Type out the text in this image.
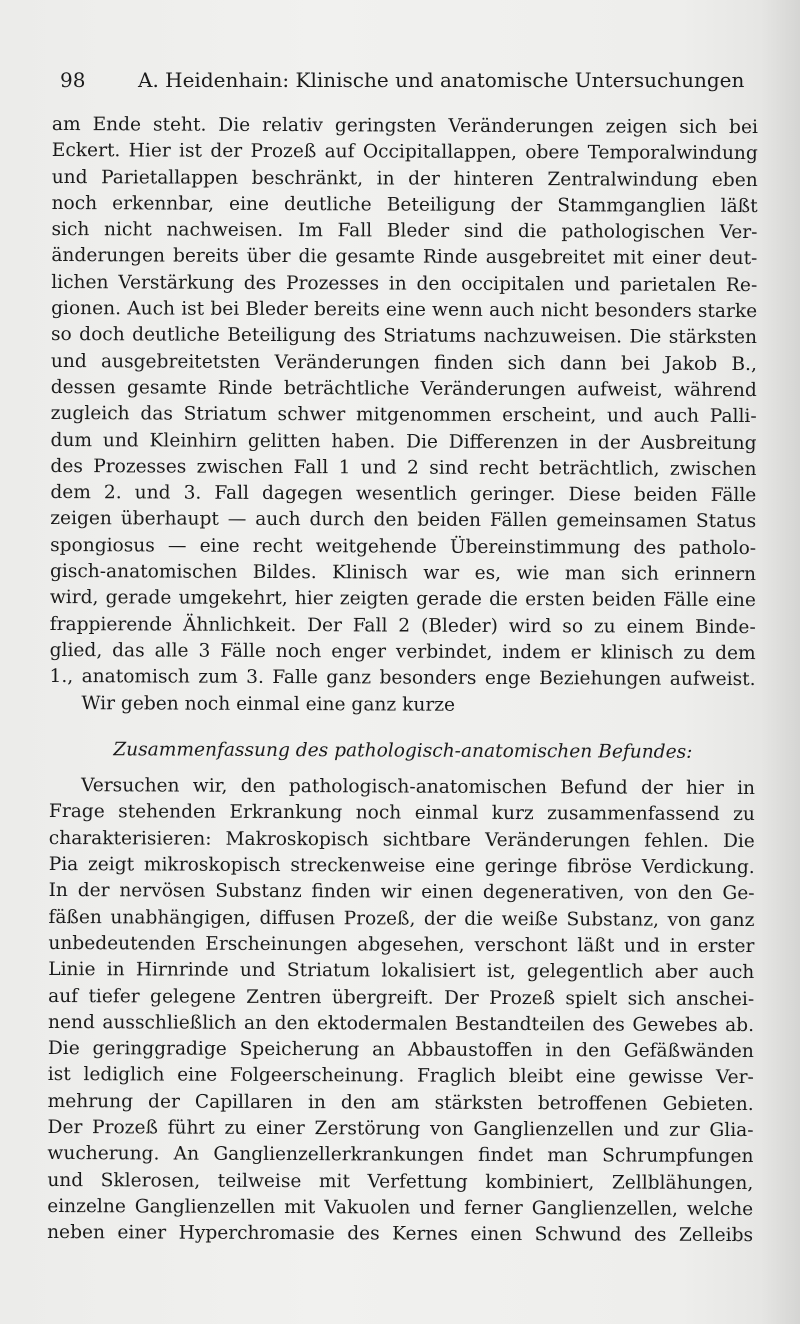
98	A. Heidenhain: Klinische und anatomische Untersuchungen
am Ende steht. Die relativ geringsten Veränderungen zeigen sich bei
Eckert. Hier ist der Prozeß auf Occipitallappen, obere Temporalwindung
und Parietallappen beschränkt, in der hinteren Zentralwindung eben
noch erkennbar, eine deutliche Beteiligung der Stammganglien läßt
sich nicht nachweisen. Im Fall Bleder sind die pathologischen Ver-
änderungen bereits über die gesamte Rinde ausgebreitet mit einer deut-
lichen Verstärkung des Prozesses in den occipitalen und parietalen Re-
gionen. Auch ist bei Bleder bereits eine wenn auch nicht besonders starke
so doch deutliche Beteiligung des Striatums nachzuweisen. Die stärksten
und ausgebreitetsten Veränderungen finden sich dann bei Jakob B.,
dessen gesamte Rinde beträchtliche Veränderungen aufweist, während
zugleich das Striatum schwer mitgenommen erscheint, und auch Palli-
dum und Kleinhirn gelitten haben. Die Differenzen in der Ausbreitung
des Prozesses zwischen Fall 1 und 2 sind recht beträchtlich, zwischen
dem 2. und 3. Fall dagegen wesentlich geringer. Diese beiden Fälle
zeigen überhaupt — auch durch den beiden Fällen gemeinsamen Status
spongiosus — eine recht weitgehende Übereinstimmung des patholo-
gisch-anatomischen Bildes. Klinisch war es, wie man sich erinnern
wird, gerade umgekehrt, hier zeigten gerade die ersten beiden Fälle eine
frappierende Ähnlichkeit. Der Fall 2 (Bleder) wird so zu einem Binde-
glied, das alle 3 Fälle noch enger verbindet, indem er klinisch zu dem
1., anatomisch zum 3. Falle ganz besonders enge Beziehungen aufweist.
Wir geben noch einmal eine ganz kurze
Zusammenfassung des pathologisch-anatomischen Befundes:
Versuchen wir, den pathologisch-anatomischen Befund der hier in
Frage stehenden Erkrankung noch einmal kurz zusammenfassend zu
charakterisieren: Makroskopisch sichtbare Veränderungen fehlen. Die
Pia zeigt mikroskopisch streckenweise eine geringe fibröse Verdickung.
In der nervösen Substanz finden wir einen degenerativen, von den Ge-
fäßen unabhängigen, diffusen Prozeß, der die weiße Substanz, von ganz
unbedeutenden Erscheinungen abgesehen, verschont läßt und in erster
Linie in Hirnrinde und Striatum lokalisiert ist, gelegentlich aber auch
auf tiefer gelegene Zentren übergreift. Der Prozeß spielt sich anschei-
nend ausschließlich an den ektodermalen Bestandteilen des Gewebes ab.
Die geringgradige Speicherung an Abbaustoffen in den Gefäßwänden
ist lediglich eine Folgeerscheinung. Fraglich bleibt eine gewisse Ver-
mehrung der Capillaren in den am stärksten betroffenen Gebieten.
Der Prozeß führt zu einer Zerstörung von Ganglienzellen und zur Glia-
wucherung. An Ganglienzellerkrankungen findet man Schrumpfungen
und Sklerosen, teilweise mit Verfettung kombiniert, Zellblähungen,
einzelne Ganglienzellen mit Vakuolen und ferner Ganglienzellen, welche
neben einer Hyperchromasie des Kernes einen Schwund des Zelleibs
